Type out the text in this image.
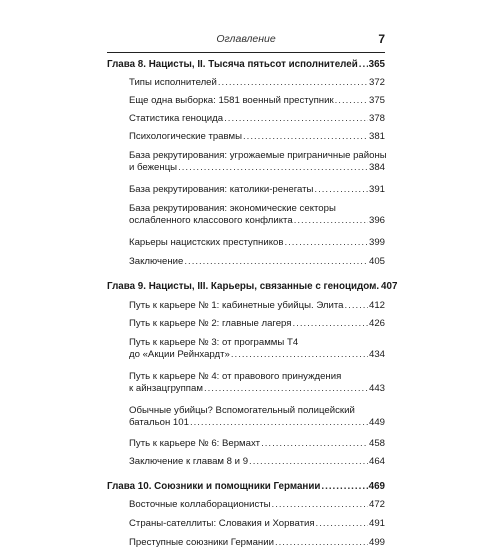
Оглавление	7
Глава 8. Нацисты, II. Тысяча пятьсот исполнителей ..... 365
Типы исполнителей .....	372
Еще одна выборка: 1581 военный преступник .....	375
Статистика геноцида .....	378
Психологические травмы .....	381
База рекрутирования: угрожаемые приграничные районы
и беженцы .....	384
База рекрутирования: католики-ренегаты .....	391
База рекрутирования: экономические секторы
ослабленного классового конфликта .....	396
Карьеры нацистских преступников .....	399
Заключение .....	405
Глава 9. Нацисты, III. Карьеры, связанные с геноцидом. 407
Путь к карьере № 1: кабинетные убийцы. Элита .....	412
Путь к карьере № 2: главные лагеря .....	426
Путь к карьере № 3: от программы Т4
до «Акции Рейнхардт» .....	434
Путь к карьере № 4: от правового принуждения
к айнзацгруппам .....	443
Обычные убийцы? Вспомогательный полицейский
батальон 101 .....	449
Путь к карьере № 6: Вермахт .....	458
Заключение к главам 8 и 9 .....	464
Глава 10. Союзники и помощники Германии .....	469
Восточные коллаборационисты .....	472
Страны-сателлиты: Словакия и Хорватия .....	491
Преступные союзники Германии .....	499
